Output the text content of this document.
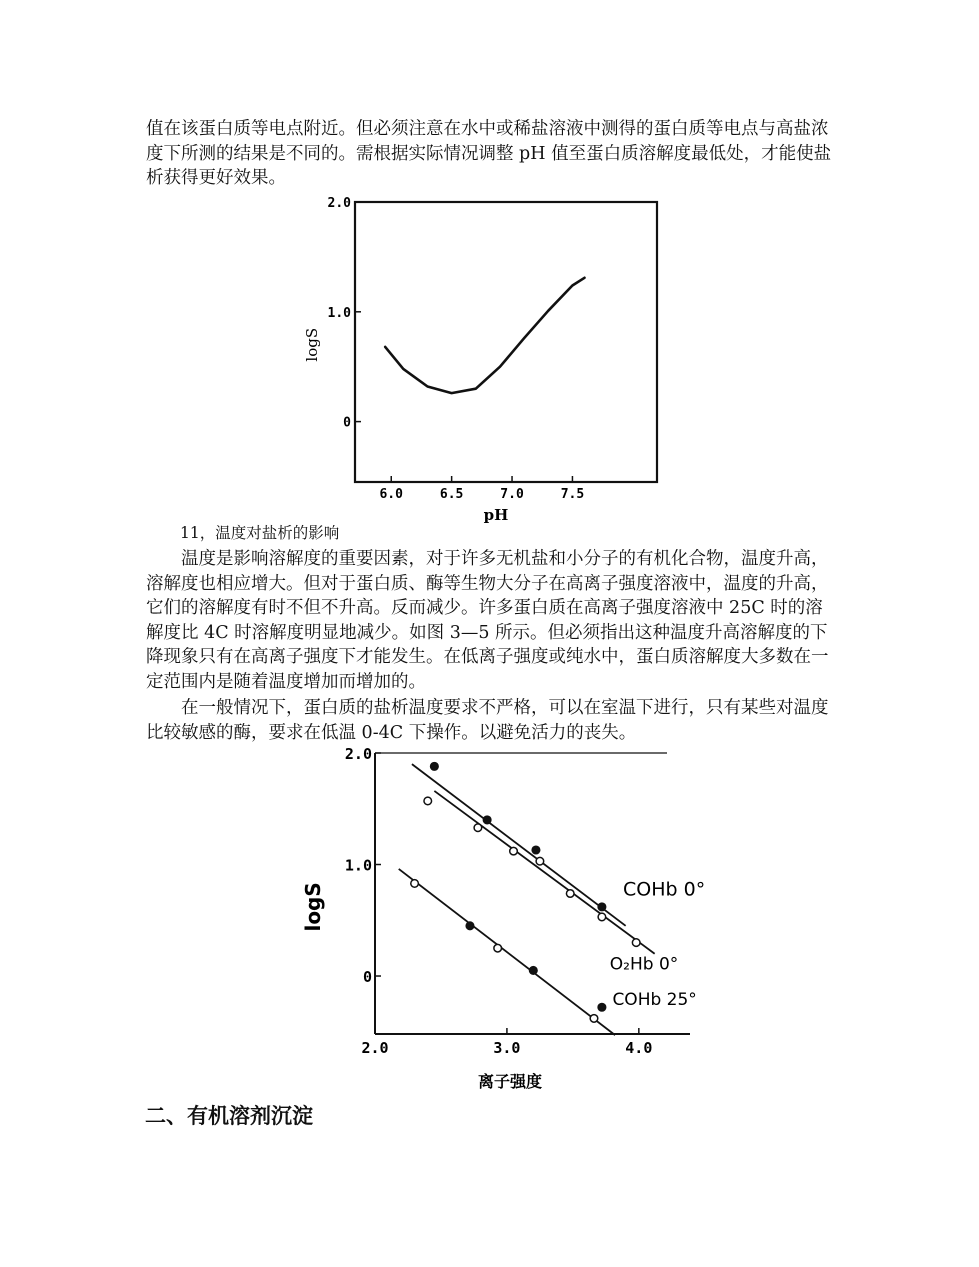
值在该蛋白质等电点附近。但必须注意在水中或稀盐溶液中测得的蛋白质等电点与高盐浓度下所测的结果是不同的。需根据实际情况调整 pH 值至蛋白质溶解度最低处，才能使盐析获得更好效果。

6.0	6.5	7.0	7.5
2.0
1.0
0
pH
logS
11，温度对盐析的影响

温度是影响溶解度的重要因素，对于许多无机盐和小分子的有机化合物，温度升高，溶解度也相应增大。但对于蛋白质、酶等生物大分子在高离子强度溶液中，温度的升高，它们的溶解度有时不但不升高。反而减少。许多蛋白质在高离子强度溶液中 25C 时的溶解度比 4C 时溶解度明显地减少。如图 3—5 所示。但必须指出这种温度升高溶解度的下降现象只有在高离子强度下才能发生。在低离子强度或纯水中，蛋白质溶解度大多数在一定范围内是随着温度增加而增加的。

在一般情况下，蛋白质的盐析温度要求不严格，可以在室温下进行，只有某些对温度比较敏感的酶，要求在低温 0-4C 下操作。以避免活力的丧失。

2.0	3.0	4.0
2.0
1.0
0
离子强度
logS	COHb 0°
O₂Hb 0°
COHb 25°
二、有机溶剂沉淀
